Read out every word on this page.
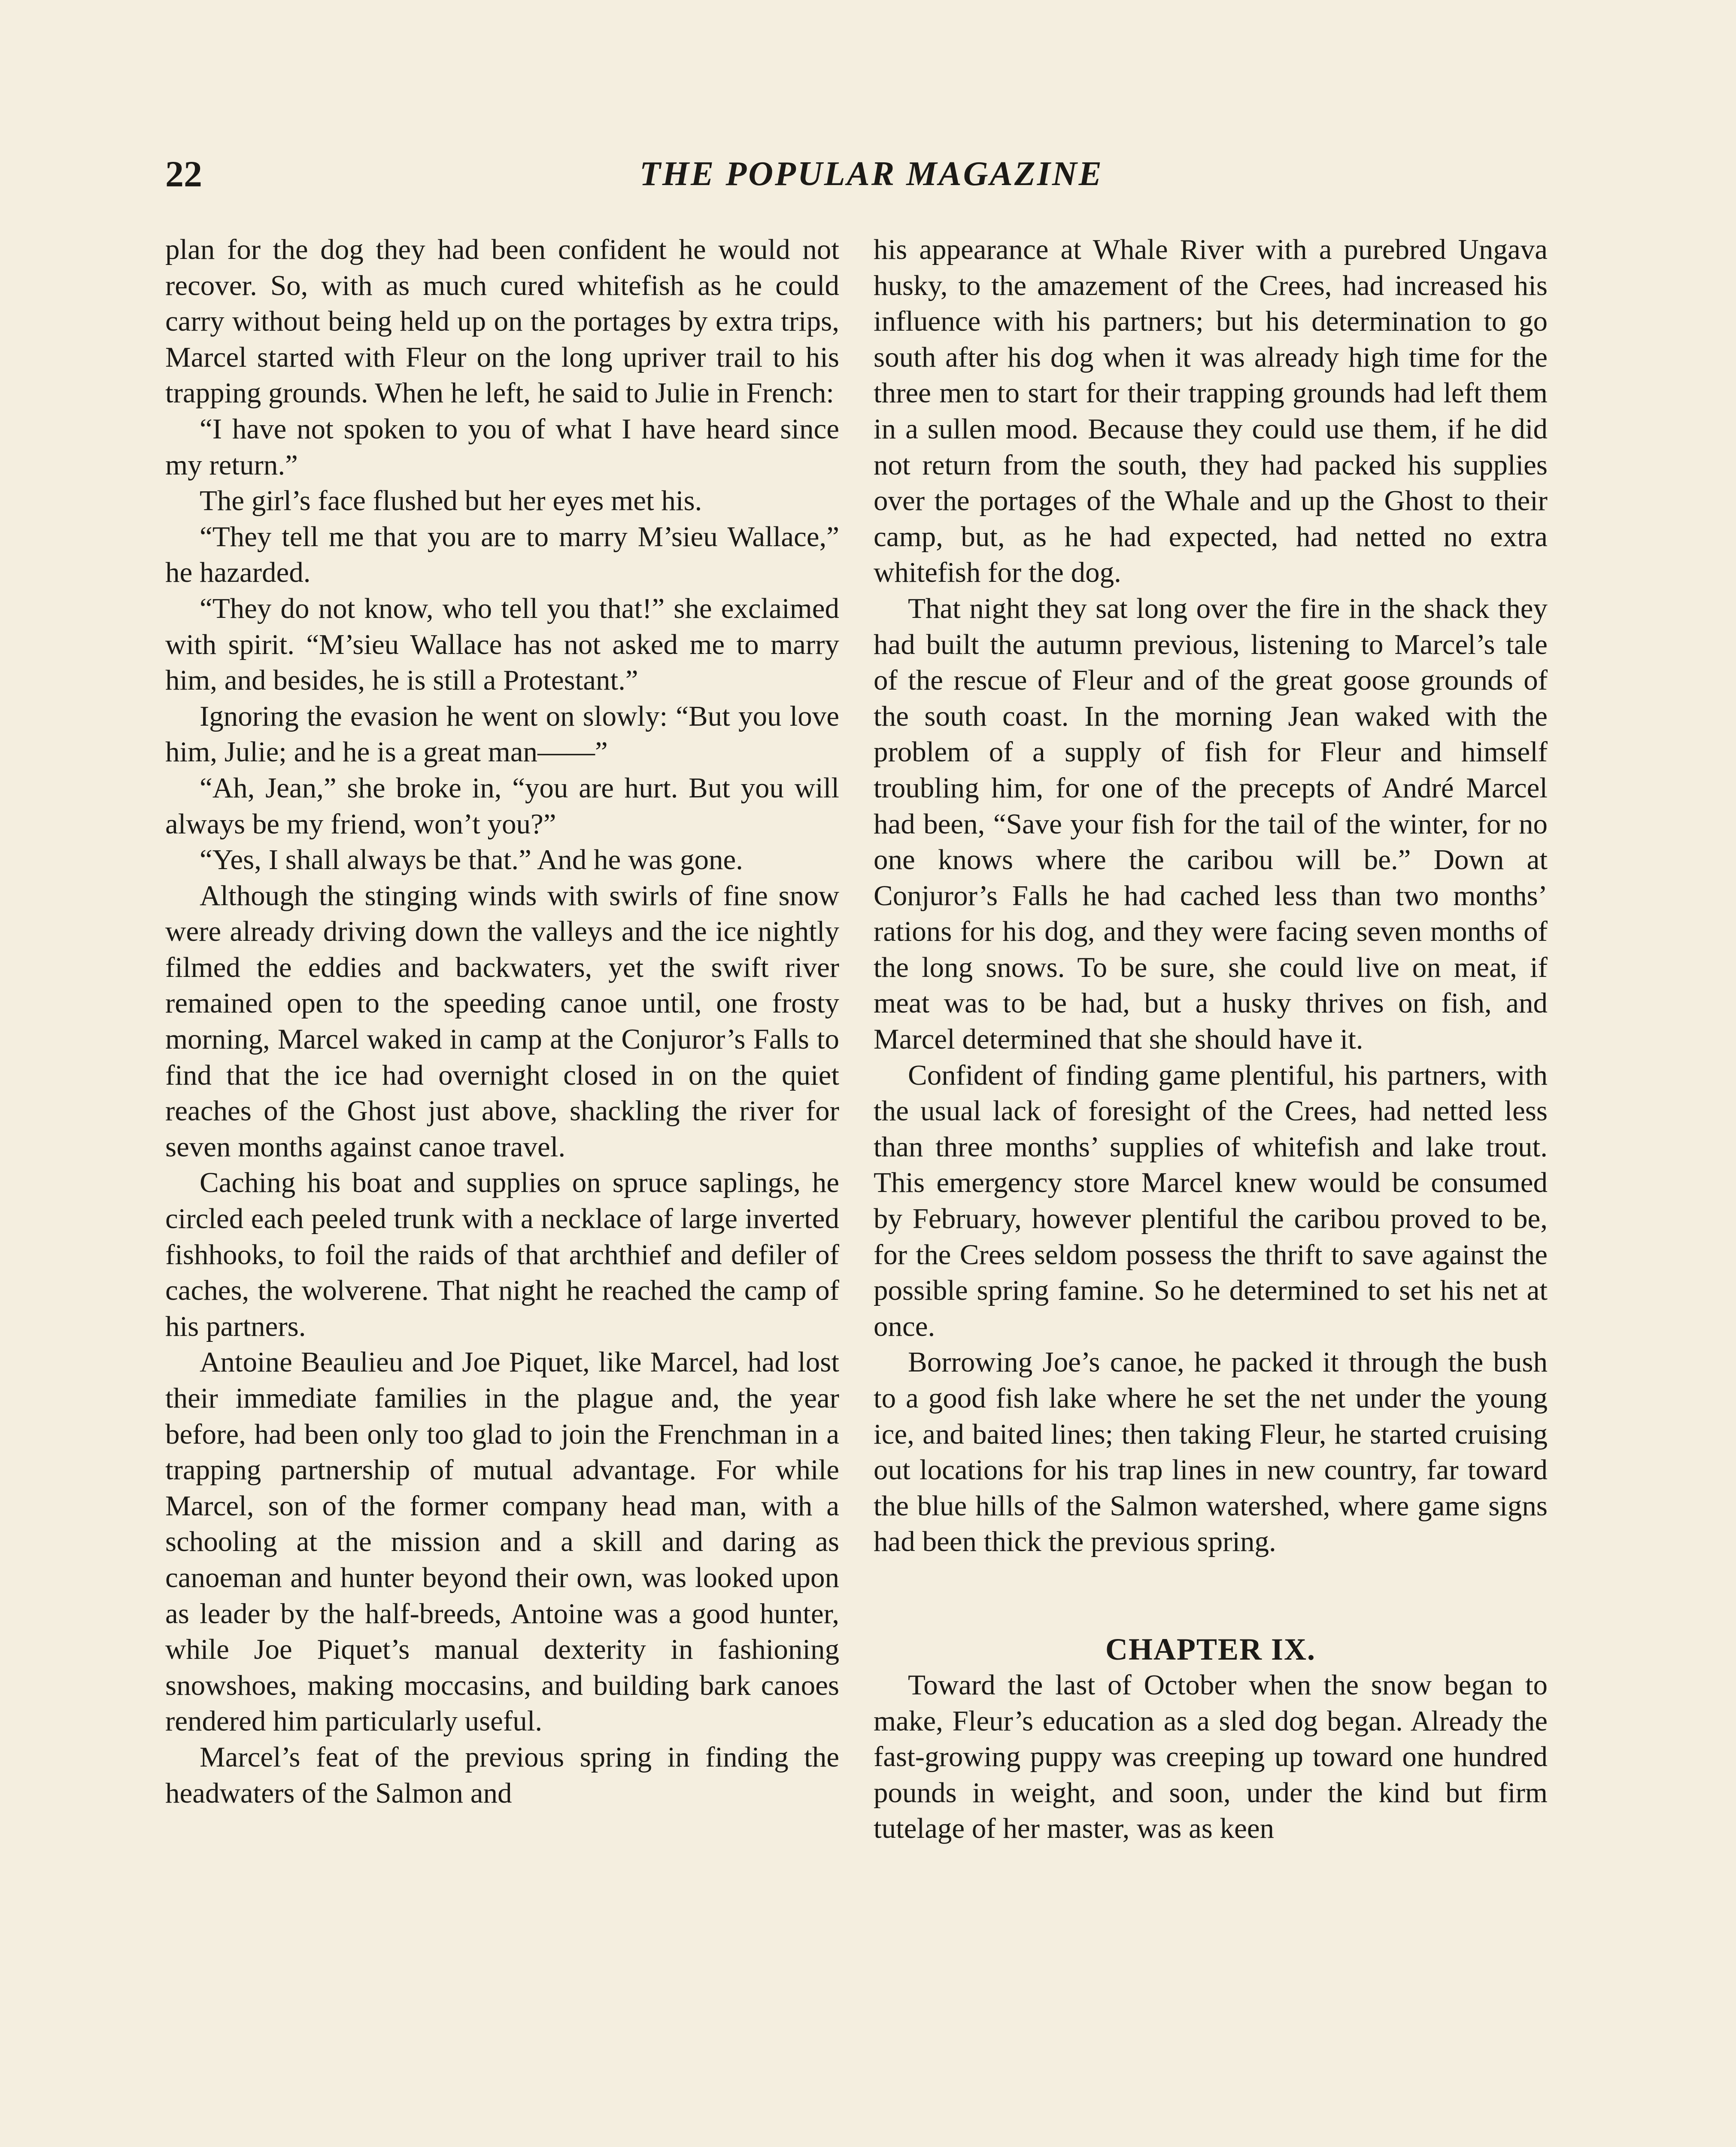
22	THE POPULAR MAGAZINE

plan for the dog they had been confident he would not recover. So, with as much cured whitefish as he could carry without being held up on the portages by extra trips, Marcel started with Fleur on the long upriver trail to his trapping grounds. When he left, he said to Julie in French:

“I have not spoken to you of what I have heard since my return.”

The girl’s face flushed but her eyes met his.

“They tell me that you are to marry M’sieu Wallace,” he hazarded.

“They do not know, who tell you that!” she exclaimed with spirit. “M’sieu Wallace has not asked me to marry him, and besides, he is still a Protestant.”

Ignoring the evasion he went on slowly: “But you love him, Julie; and he is a great man——”

“Ah, Jean,” she broke in, “you are hurt. But you will always be my friend, won’t you?”

“Yes, I shall always be that.” And he was gone.

Although the stinging winds with swirls of fine snow were already driving down the valleys and the ice nightly filmed the eddies and backwaters, yet the swift river remained open to the speeding canoe until, one frosty morning, Marcel waked in camp at the Conjuror’s Falls to find that the ice had overnight closed in on the quiet reaches of the Ghost just above, shackling the river for seven months against canoe travel.

Caching his boat and supplies on spruce saplings, he circled each peeled trunk with a necklace of large inverted fishhooks, to foil the raids of that archthief and defiler of caches, the wolverene. That night he reached the camp of his partners.

Antoine Beaulieu and Joe Piquet, like Marcel, had lost their immediate families in the plague and, the year before, had been only too glad to join the Frenchman in a trapping partnership of mutual advantage. For while Marcel, son of the former company head man, with a schooling at the mission and a skill and daring as canoeman and hunter beyond their own, was looked upon as leader by the half-breeds, Antoine was a good hunter, while Joe Piquet’s manual dexterity in fashioning snowshoes, making moccasins, and building bark canoes rendered him particularly useful.

Marcel’s feat of the previous spring in finding the headwaters of the Salmon and

his appearance at Whale River with a purebred Ungava husky, to the amazement of the Crees, had increased his influence with his partners; but his determination to go south after his dog when it was already high time for the three men to start for their trapping grounds had left them in a sullen mood. Because they could use them, if he did not return from the south, they had packed his supplies over the portages of the Whale and up the Ghost to their camp, but, as he had expected, had netted no extra whitefish for the dog.

That night they sat long over the fire in the shack they had built the autumn previous, listening to Marcel’s tale of the rescue of Fleur and of the great goose grounds of the south coast. In the morning Jean waked with the problem of a supply of fish for Fleur and himself troubling him, for one of the precepts of André Marcel had been, “Save your fish for the tail of the winter, for no one knows where the caribou will be.” Down at Conjuror’s Falls he had cached less than two months’ rations for his dog, and they were facing seven months of the long snows. To be sure, she could live on meat, if meat was to be had, but a husky thrives on fish, and Marcel determined that she should have it.

Confident of finding game plentiful, his partners, with the usual lack of foresight of the Crees, had netted less than three months’ supplies of whitefish and lake trout. This emergency store Marcel knew would be consumed by February, however plentiful the caribou proved to be, for the Crees seldom possess the thrift to save against the possible spring famine. So he determined to set his net at once.

Borrowing Joe’s canoe, he packed it through the bush to a good fish lake where he set the net under the young ice, and baited lines; then taking Fleur, he started cruising out locations for his trap lines in new country, far toward the blue hills of the Salmon watershed, where game signs had been thick the previous spring.

CHAPTER IX.

Toward the last of October when the snow began to make, Fleur’s education as a sled dog began. Already the fast-growing puppy was creeping up toward one hundred pounds in weight, and soon, under the kind but firm tutelage of her master, was as keen
